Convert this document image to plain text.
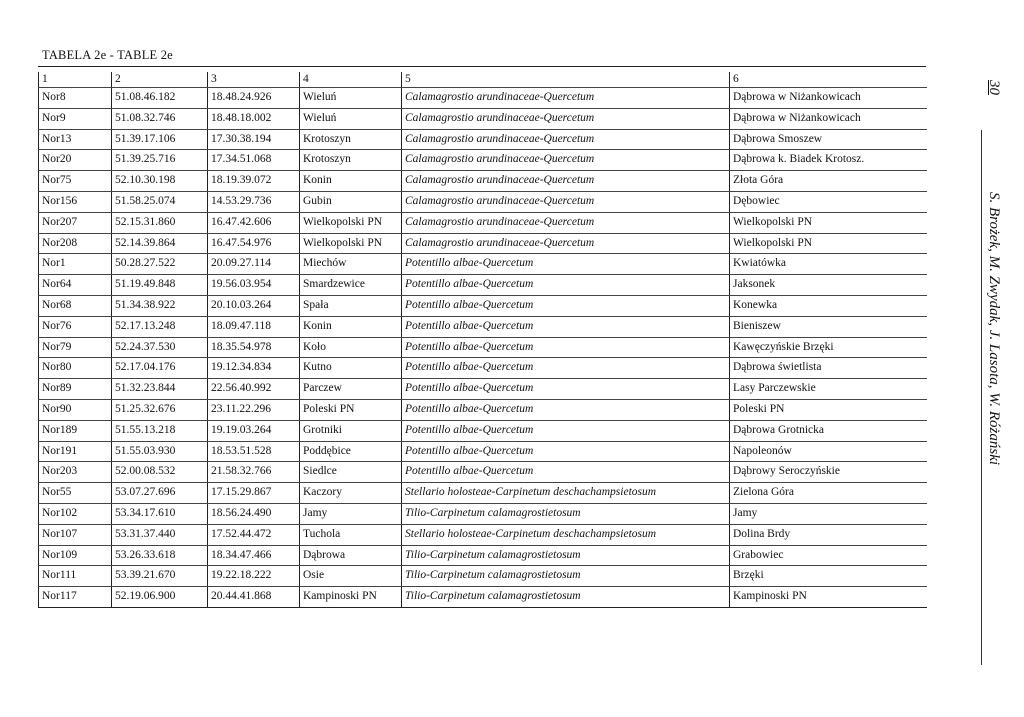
TABELA 2e - TABLE 2e
1	2	3	4	5	6
Nor8	51.08.46.182	18.48.24.926	Wieluń	Calamagrostio arundinaceae-Quercetum	Dąbrowa w Niżankowicach
Nor9	51.08.32.746	18.48.18.002	Wieluń	Calamagrostio arundinaceae-Quercetum	Dąbrowa w Niżankowicach
Nor13	51.39.17.106	17.30.38.194	Krotoszyn	Calamagrostio arundinaceae-Quercetum	Dąbrowa Smoszew
Nor20	51.39.25.716	17.34.51.068	Krotoszyn	Calamagrostio arundinaceae-Quercetum	Dąbrowa k. Biadek Krotosz.
Nor75	52.10.30.198	18.19.39.072	Konin	Calamagrostio arundinaceae-Quercetum	Złota Góra
Nor156	51.58.25.074	14.53.29.736	Gubin	Calamagrostio arundinaceae-Quercetum	Dębowiec
Nor207	52.15.31.860	16.47.42.606	Wielkopolski PN	Calamagrostio arundinaceae-Quercetum	Wielkopolski PN
Nor208	52.14.39.864	16.47.54.976	Wielkopolski PN	Calamagrostio arundinaceae-Quercetum	Wielkopolski PN
Nor1	50.28.27.522	20.09.27.114	Miechów	Potentillo albae-Quercetum	Kwiatówka
Nor64	51.19.49.848	19.56.03.954	Smardzewice	Potentillo albae-Quercetum	Jaksonek
Nor68	51.34.38.922	20.10.03.264	Spała	Potentillo albae-Quercetum	Konewka
Nor76	52.17.13.248	18.09.47.118	Konin	Potentillo albae-Quercetum	Bieniszew
Nor79	52.24.37.530	18.35.54.978	Koło	Potentillo albae-Quercetum	Kawęczyńskie Brzęki
Nor80	52.17.04.176	19.12.34.834	Kutno	Potentillo albae-Quercetum	Dąbrowa świetlista
Nor89	51.32.23.844	22.56.40.992	Parczew	Potentillo albae-Quercetum	Lasy Parczewskie
Nor90	51.25.32.676	23.11.22.296	Poleski PN	Potentillo albae-Quercetum	Poleski PN
Nor189	51.55.13.218	19.19.03.264	Grotniki	Potentillo albae-Quercetum	Dąbrowa Grotnicka
Nor191	51.55.03.930	18.53.51.528	Poddębice	Potentillo albae-Quercetum	Napoleonów
Nor203	52.00.08.532	21.58.32.766	Siedlce	Potentillo albae-Quercetum	Dąbrowy Seroczyńskie
Nor55	53.07.27.696	17.15.29.867	Kaczory	Stellario holosteae-Carpinetum deschachampsietosum	Zielona Góra
Nor102	53.34.17.610	18.56.24.490	Jamy	Tilio-Carpinetum calamagrostietosum	Jamy
Nor107	53.31.37.440	17.52.44.472	Tuchola	Stellario holosteae-Carpinetum deschachampsietosum	Dolina Brdy
Nor109	53.26.33.618	18.34.47.466	Dąbrowa	Tilio-Carpinetum calamagrostietosum	Grabowiec
Nor111	53.39.21.670	19.22.18.222	Osie	Tilio-Carpinetum calamagrostietosum	Brzęki
Nor117	52.19.06.900	20.44.41.868	Kampinoski PN	Tilio-Carpinetum calamagrostietosum	Kampinoski PN
30
S. Brożek, M. Zwydak, J. Lasota, W. Różański
